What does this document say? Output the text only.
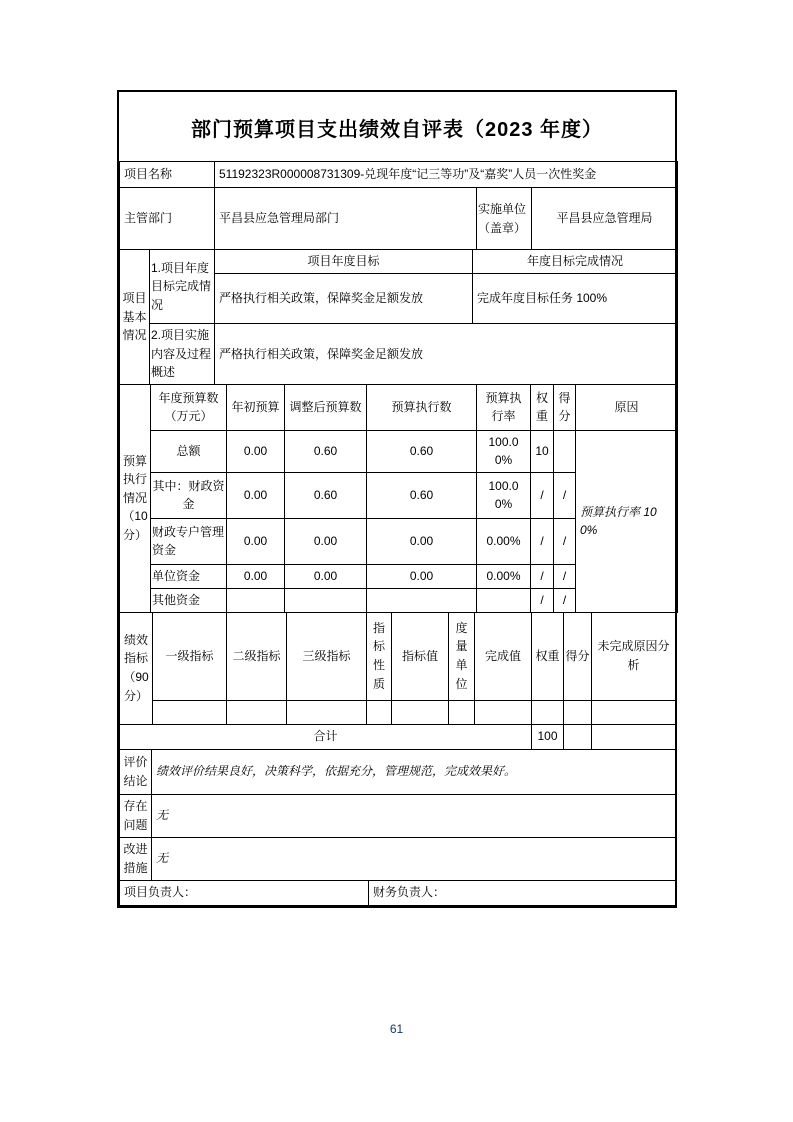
部门预算项目支出绩效自评表（2023 年度）
项目名称	51192323R000008731309-兑现年度“记三等功”及“嘉奖”人员一次性奖金		
主管部门	平昌县应急管理局部门	实施单位 （盖章）	平昌县应急管理局
项目基本情况	1.项目年度目标完成情况	项目年度目标	年度目标完成情况
		严格执行相关政策，保障奖金足额发放	完成年度目标任务 100%
	2.项目实施内容及过程概述	严格执行相关政策，保障奖金足额发放	
预算执行情况（10分）	年度预算数（万元）	年初预算	调整后预算数	预算执行数	预算执行率	权重	得分	原因
	总额	0.00	0.60	0.60	100.00%	10		预算执行率 100%
	其中：财政资金	0.00	0.60	0.60	100.00%	/	/	
	财政专户管理资金	0.00	0.00	0.00	0.00%	/	/	
	单位资金	0.00	0.00	0.00	0.00%	/	/	
	其他资金					/	/	
绩效指标（90分）	一级指标	二级指标	三级指标	指标性质	指标值	度量单位	完成值	权重	得分	未完成原因分析

合计	100		
评价结论	绩效评价结果良好，决策科学，依据充分，管理规范，完成效果好。
存在问题	无
改进措施	无
项目负责人：	财务负责人：
61
